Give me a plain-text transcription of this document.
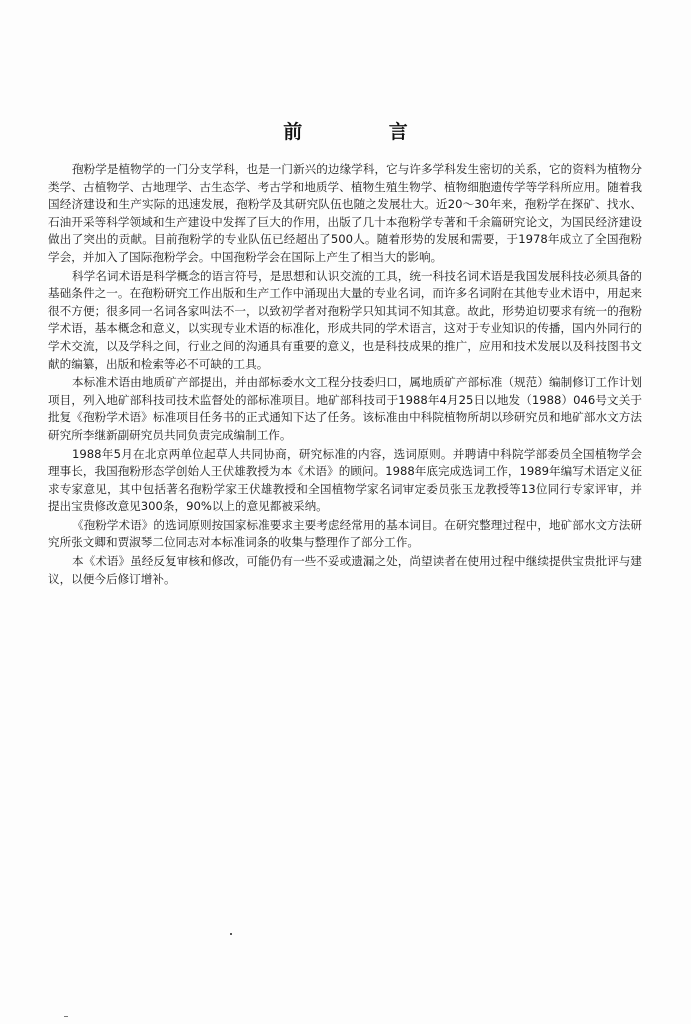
前 言

孢粉学是植物学的一门分支学科，也是一门新兴的边缘学科，它与许多学科发生密切的关系，它的资料为植物分类学、古植物学、古地理学、古生态学、考古学和地质学、植物生殖生物学、植物细胞遗传学等学科所应用。随着我国经济建设和生产实际的迅速发展，孢粉学及其研究队伍也随之发展壮大。近20～30年来，孢粉学在探矿、找水、石油开采等科学领域和生产建设中发挥了巨大的作用，出版了几十本孢粉学专著和千余篇研究论文，为国民经济建设做出了突出的贡献。目前孢粉学的专业队伍已经超出了500人。随着形势的发展和需要，于1978年成立了全国孢粉学会，并加入了国际孢粉学会。中国孢粉学会在国际上产生了相当大的影响。

科学名词术语是科学概念的语言符号，是思想和认识交流的工具，统一科技名词术语是我国发展科技必须具备的基础条件之一。在孢粉研究工作出版和生产工作中涌现出大量的专业名词，而许多名词附在其他专业术语中，用起来很不方便；很多同一名词各家叫法不一，以致初学者对孢粉学只知其词不知其意。故此，形势迫切要求有统一的孢粉学术语，基本概念和意义，以实现专业术语的标准化，形成共同的学术语言，这对于专业知识的传播，国内外同行的学术交流，以及学科之间，行业之间的沟通具有重要的意义，也是科技成果的推广，应用和技术发展以及科技图书文献的编纂，出版和检索等必不可缺的工具。

本标准术语由地质矿产部提出，并由部标委水文工程分技委归口，属地质矿产部标准（规范）编制修订工作计划项目，列入地矿部科技司技术监督处的部标准项目。地矿部科技司于1988年4月25日以地发（1988）046号文关于批复《孢粉学术语》标准项目任务书的正式通知下达了任务。该标准由中科院植物所胡以珍研究员和地矿部水文方法研究所李继新副研究员共同负责完成编制工作。

1988年5月在北京两单位起草人共同协商，研究标准的内容，选词原则。并聘请中科院学部委员全国植物学会理事长，我国孢粉形态学创始人王伏雄教授为本《术语》的顾问。1988年底完成选词工作，1989年编写术语定义征求专家意见，其中包括著名孢粉学家王伏雄教授和全国植物学家名词审定委员张玉龙教授等13位同行专家评审，并提出宝贵修改意见300条，90%以上的意见都被采纳。

《孢粉学术语》的选词原则按国家标准要求主要考虑经常用的基本词目。在研究整理过程中，地矿部水文方法研究所张文卿和贾淑琴二位同志对本标准词条的收集与整理作了部分工作。

本《术语》虽经反复审核和修改，可能仍有一些不妥或遗漏之处，尚望读者在使用过程中继续提供宝贵批评与建议，以便今后修订增补。
